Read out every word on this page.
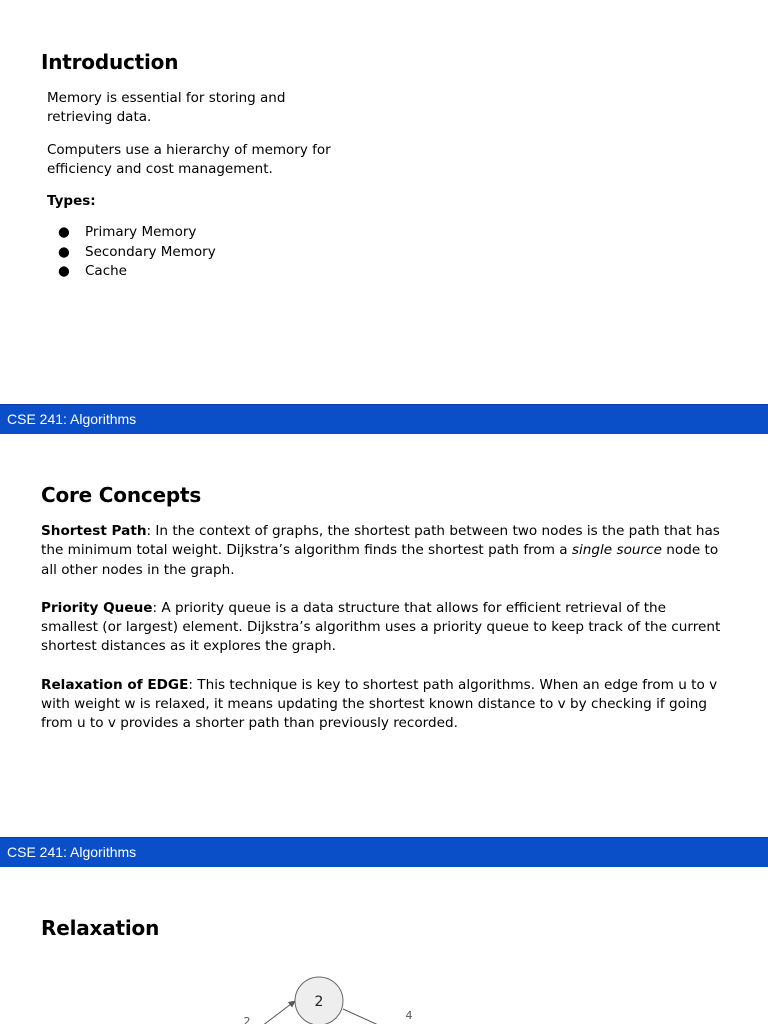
Introduction

Memory is essential for storing and retrieving data.

Computers use a hierarchy of memory for efficiency and cost management.

Types:

● Primary Memory
● Secondary Memory
● Cache
CSE 241: Algorithms
Core Concepts

Shortest Path: In the context of graphs, the shortest path between two nodes is the path that has the minimum total weight. Dijkstra’s algorithm finds the shortest path from a single source node to all other nodes in the graph.

Priority Queue: A priority queue is a data structure that allows for efficient retrieval of the smallest (or largest) element. Dijkstra’s algorithm uses a priority queue to keep track of the current shortest distances as it explores the graph.

Relaxation of EDGE: This technique is key to shortest path algorithms. When an edge from u to v with weight w is relaxed, it means updating the shortest known distance to v by checking if going from u to v provides a shorter path than previously recorded.

CSE 241: Algorithms
Relaxation
2
2	4
